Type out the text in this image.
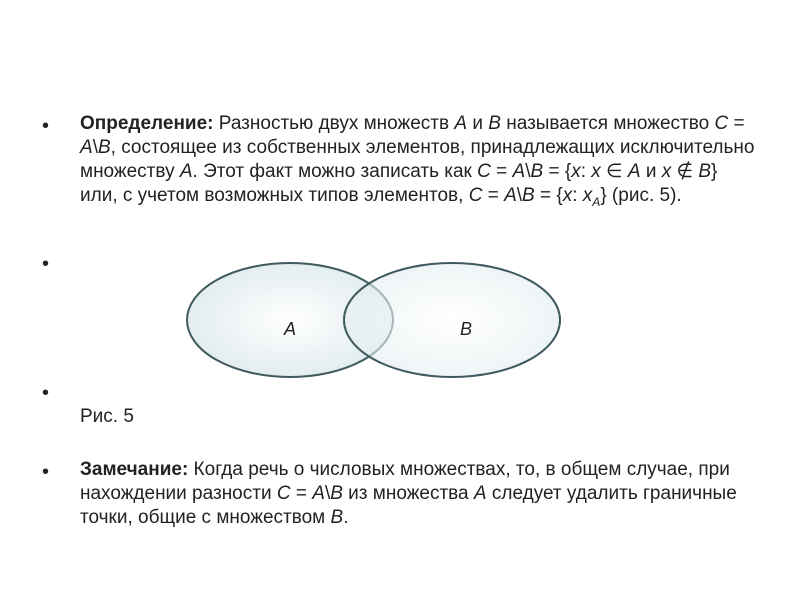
• Определение: Разностью двух множеств A и B называется множество C = A\B, состоящее из собственных элементов, принадлежащих исключительно множеству A. Этот факт можно записать как C = A\B = {x: x ∈ A и x ∉ B} или, с учетом возможных типов элементов, C = A\B = {x: $x_A$} (рис. 5).
•
A	B
•
Рис. 5
• Замечание: Когда речь о числовых множествах, то, в общем случае, при нахождении разности C = A\B из множества A следует удалить граничные точки, общие с множеством B.
